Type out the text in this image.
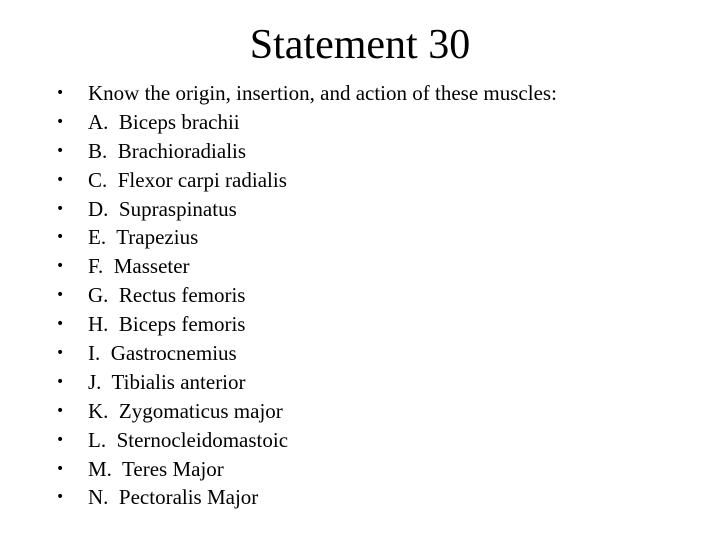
Statement 30
• Know the origin, insertion, and action of these muscles:
• A.  Biceps brachii
• B.  Brachioradialis
• C.  Flexor carpi radialis
• D.  Supraspinatus
• E.  Trapezius
• F.  Masseter
• G.  Rectus femoris
• H.  Biceps femoris
• I.  Gastrocnemius
• J.  Tibialis anterior
• K.  Zygomaticus major
• L.  Sternocleidomastoic
• M.  Teres Major
• N.  Pectoralis Major
